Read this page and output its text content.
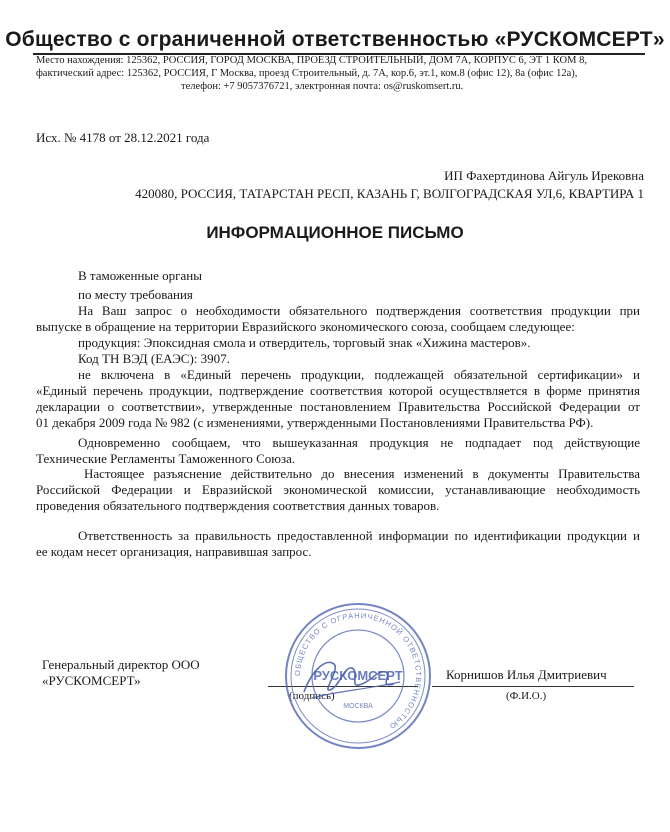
Общество с ограниченной ответственностью «РУСКОМСЕРТ»
Место нахождения: 125362, РОССИЯ, ГОРОД МОСКВА, ПРОЕЗД СТРОИТЕЛЬНЫЙ, ДОМ 7А, КОРПУС 6, ЭТ 1 КОМ 8,
фактический адрес: 125362, РОССИЯ, Г Москва, проезд Строительный, д. 7А, кор.6, эт.1, ком.8 (офис 12), 8а (офис 12а),
телефон: +7 9057376721, электронная почта: os@ruskomsert.ru.
Исх. № 4178 от 28.12.2021 года
ИП Фахертдинова Айгуль Ирековна
420080, РОССИЯ, ТАТАРСТАН РЕСП, КАЗАНЬ Г, ВОЛГОГРАДСКАЯ УЛ,6, КВАРТИРА 1
ИНФОРМАЦИОННОЕ ПИСЬМО
В таможенные органы
по месту требования
На Ваш запрос о необходимости обязательного подтверждения соответствия продукции при
выпуске в обращение на территории Евразийского экономического союза, сообщаем следующее:
продукция: Эпоксидная смола и отвердитель, торговый знак «Хижина мастеров».
Код ТН ВЭД (ЕАЭС): 3907.
не включена в «Единый перечень продукции, подлежащей обязательной сертификации» и
«Единый перечень продукции, подтверждение соответствия которой осуществляется в форме принятия
декларации о соответствии», утвержденные постановлением Правительства Российской Федерации от
01 декабря 2009 года № 982 (с изменениями, утвержденными Постановлениями Правительства РФ).
Одновременно сообщаем, что вышеуказанная продукция не подпадает под действующие
Технические Регламенты Таможенного Союза.
Настоящее разъяснение действительно до внесения изменений в документы Правительства
Российской Федерации и Евразийской экономической комиссии, устанавливающие необходимость
проведения обязательного подтверждения соответствия данных товаров.
Ответственность за правильность предоставленной информации по идентификации продукции и
ее кодам несет организация, направившая запрос.
Генеральный директор ООО
«РУСКОМСЕРТ»	Корнишов Илья Дмитриевич
(подпись)	(Ф.И.О.)
ОБЩЕСТВО С ОГРАНИЧЕННОЙ ОТВЕТСТВЕННОСТЬЮ
РУСКОМСЕРТ
МОСКВА
